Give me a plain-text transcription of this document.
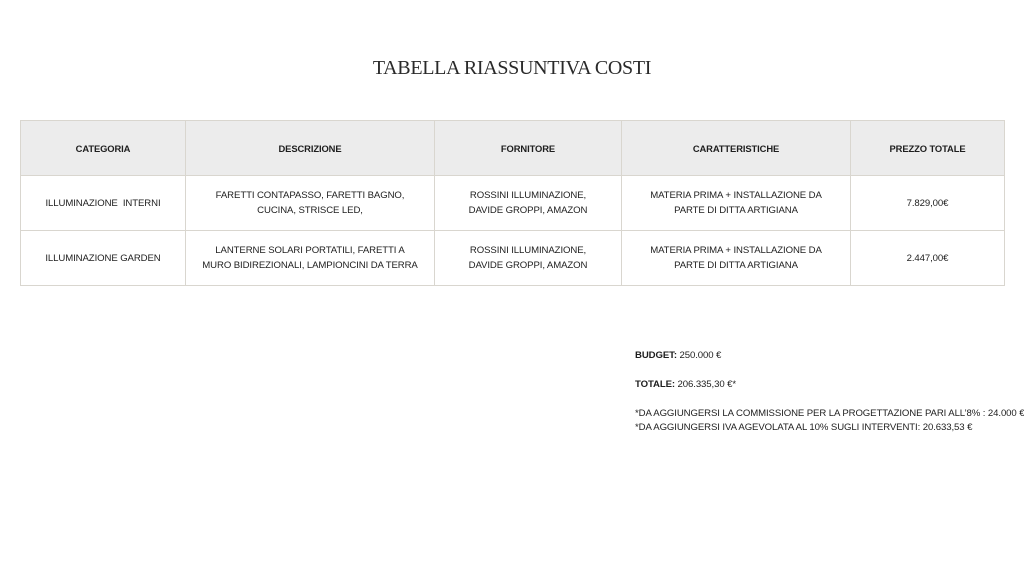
TABELLA RIASSUNTIVA COSTI
CATEGORIA	DESCRIZIONE	FORNITORE	CARATTERISTICHE	PREZZO TOTALE
ILLUMINAZIONE  INTERNI	FARETTI CONTAPASSO, FARETTI BAGNO, CUCINA, STRISCE LED,	ROSSINI ILLUMINAZIONE, DAVIDE GROPPI, AMAZON	MATERIA PRIMA + INSTALLAZIONE DA PARTE DI DITTA ARTIGIANA	7.829,00€
ILLUMINAZIONE GARDEN	LANTERNE SOLARI PORTATILI, FARETTI A MURO BIDIREZIONALI, LAMPIONCINI DA TERRA	ROSSINI ILLUMINAZIONE, DAVIDE GROPPI, AMAZON	MATERIA PRIMA + INSTALLAZIONE DA PARTE DI DITTA ARTIGIANA	2.447,00€
BUDGET: 250.000 €
TOTALE: 206.335,30 €*
*DA AGGIUNGERSI LA COMMISSIONE PER LA PROGETTAZIONE PARI ALL’8% : 24.000 €
*DA AGGIUNGERSI IVA AGEVOLATA AL 10% SUGLI INTERVENTI: 20.633,53 €
